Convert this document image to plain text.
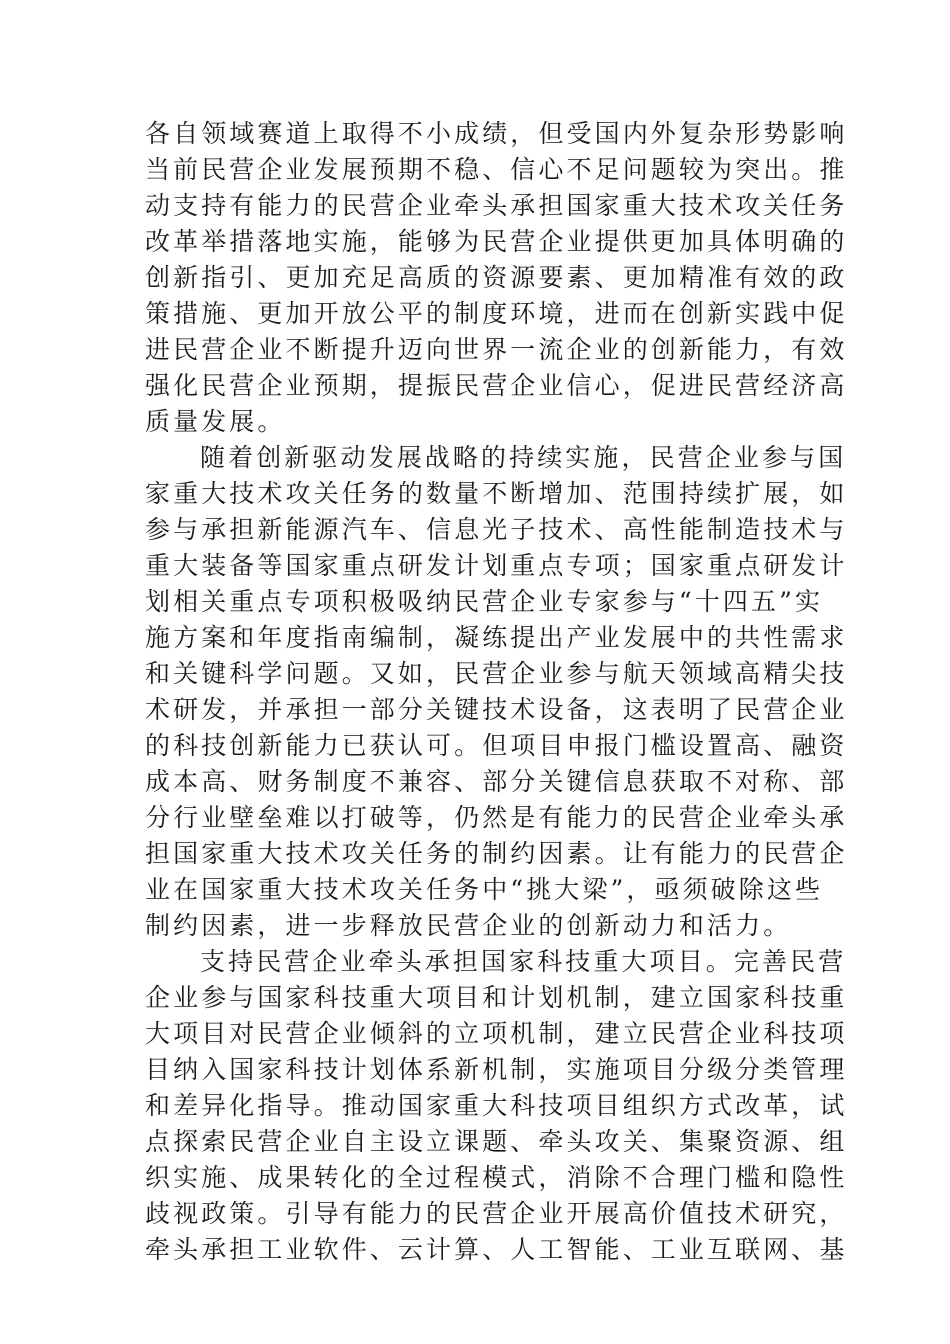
各自领域赛道上取得不小成绩，但受国内外复杂形势影响
当前民营企业发展预期不稳、信心不足问题较为突出。推
动支持有能力的民营企业牵头承担国家重大技术攻关任务
改革举措落地实施，能够为民营企业提供更加具体明确的
创新指引、更加充足高质的资源要素、更加精准有效的政
策措施、更加开放公平的制度环境，进而在创新实践中促
进民营企业不断提升迈向世界一流企业的创新能力，有效
强化民营企业预期，提振民营企业信心，促进民营经济高
质量发展。
随着创新驱动发展战略的持续实施，民营企业参与国
家重大技术攻关任务的数量不断增加、范围持续扩展，如
参与承担新能源汽车、信息光子技术、高性能制造技术与
重大装备等国家重点研发计划重点专项；国家重点研发计
划相关重点专项积极吸纳民营企业专家参与“十四五”实
施方案和年度指南编制，凝练提出产业发展中的共性需求
和关键科学问题。又如，民营企业参与航天领域高精尖技
术研发，并承担一部分关键技术设备，这表明了民营企业
的科技创新能力已获认可。但项目申报门槛设置高、融资
成本高、财务制度不兼容、部分关键信息获取不对称、部
分行业壁垒难以打破等，仍然是有能力的民营企业牵头承
担国家重大技术攻关任务的制约因素。让有能力的民营企
业在国家重大技术攻关任务中“挑大梁”，亟须破除这些
制约因素，进一步释放民营企业的创新动力和活力。
支持民营企业牵头承担国家科技重大项目。完善民营
企业参与国家科技重大项目和计划机制，建立国家科技重
大项目对民营企业倾斜的立项机制，建立民营企业科技项
目纳入国家科技计划体系新机制，实施项目分级分类管理
和差异化指导。推动国家重大科技项目组织方式改革，试
点探索民营企业自主设立课题、牵头攻关、集聚资源、组
织实施、成果转化的全过程模式，消除不合理门槛和隐性
歧视政策。引导有能力的民营企业开展高价值技术研究，
牵头承担工业软件、云计算、人工智能、工业互联网、基
